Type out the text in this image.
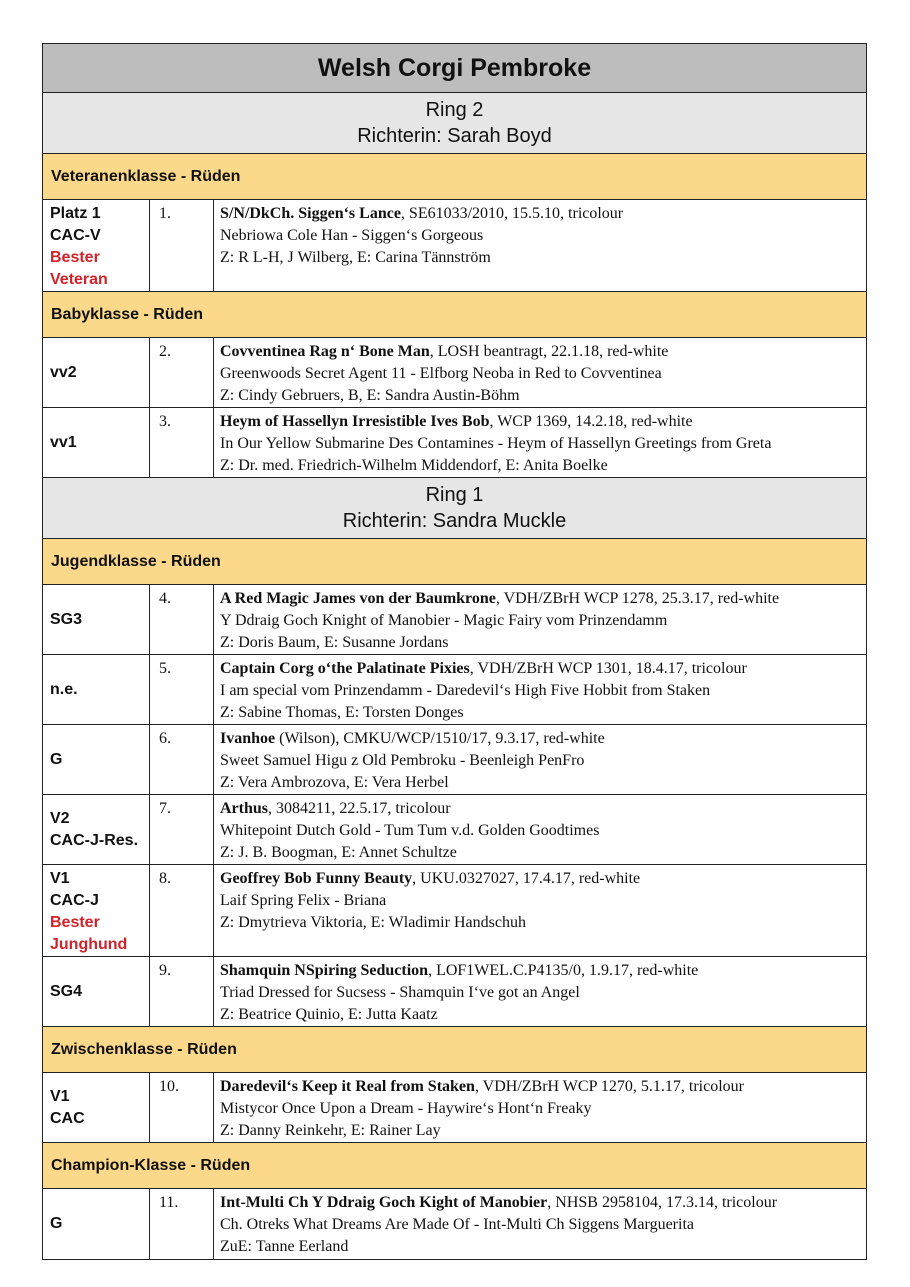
Welsh Corgi Pembroke
Ring 2
Richterin: Sarah Boyd
Veteranenklasse - Rüden
Platz 1
CAC-V
Bester
Veteran
1.	S/N/DkCh. Siggen‘s Lance, SE61033/2010, 15.5.10, tricolour
Nebriowa Cole Han - Siggen‘s Gorgeous
Z: R L-H, J Wilberg, E: Carina Tännström
Babyklasse - Rüden
vv2
2.	Covventinea Rag n‘ Bone Man, LOSH beantragt, 22.1.18, red-white
Greenwoods Secret Agent 11 - Elfborg Neoba in Red to Covventinea
Z: Cindy Gebruers, B, E: Sandra Austin-Böhm
vv1
3.	Heym of Hassellyn Irresistible Ives Bob, WCP 1369, 14.2.18, red-white
In Our Yellow Submarine Des Contamines - Heym of Hassellyn Greetings from Greta
Z: Dr. med. Friedrich-Wilhelm Middendorf, E: Anita Boelke
Ring 1
Richterin: Sandra Muckle
Jugendklasse - Rüden
SG3
4.	A Red Magic James von der Baumkrone, VDH/ZBrH WCP 1278, 25.3.17, red-white
Y Ddraig Goch Knight of Manobier - Magic Fairy vom Prinzendamm
Z: Doris Baum, E: Susanne Jordans
n.e.
5.	Captain Corg o‘the Palatinate Pixies, VDH/ZBrH WCP 1301, 18.4.17, tricolour
I am special vom Prinzendamm - Daredevil‘s High Five Hobbit from Staken
Z: Sabine Thomas, E: Torsten Donges
G
6.	Ivanhoe (Wilson), CMKU/WCP/1510/17, 9.3.17, red-white
Sweet Samuel Higu z Old Pembroku - Beenleigh PenFro
Z: Vera Ambrozova, E: Vera Herbel
V2
CAC-J-Res.
7.	Arthus, 3084211, 22.5.17, tricolour
Whitepoint Dutch Gold - Tum Tum v.d. Golden Goodtimes
Z: J. B. Boogman, E: Annet Schultze
V1
CAC-J
Bester
Junghund
8.	Geoffrey Bob Funny Beauty, UKU.0327027, 17.4.17, red-white
Laif Spring Felix - Briana
Z: Dmytrieva Viktoria, E: Wladimir Handschuh
SG4
9.	Shamquin NSpiring Seduction, LOF1WEL.C.P4135/0, 1.9.17, red-white
Triad Dressed for Sucsess - Shamquin I‘ve got an Angel
Z: Beatrice Quinio, E: Jutta Kaatz
Zwischenklasse - Rüden
V1
CAC
10.	Daredevil‘s Keep it Real from Staken, VDH/ZBrH WCP 1270, 5.1.17, tricolour
Mistycor Once Upon a Dream - Haywire‘s Hont‘n Freaky
Z: Danny Reinkehr, E: Rainer Lay
Champion-Klasse - Rüden
G
11.	Int-Multi Ch Y Ddraig Goch Kight of Manobier, NHSB 2958104, 17.3.14, tricolour
Ch. Otreks What Dreams Are Made Of - Int-Multi Ch Siggens Marguerita
ZuE: Tanne Eerland
